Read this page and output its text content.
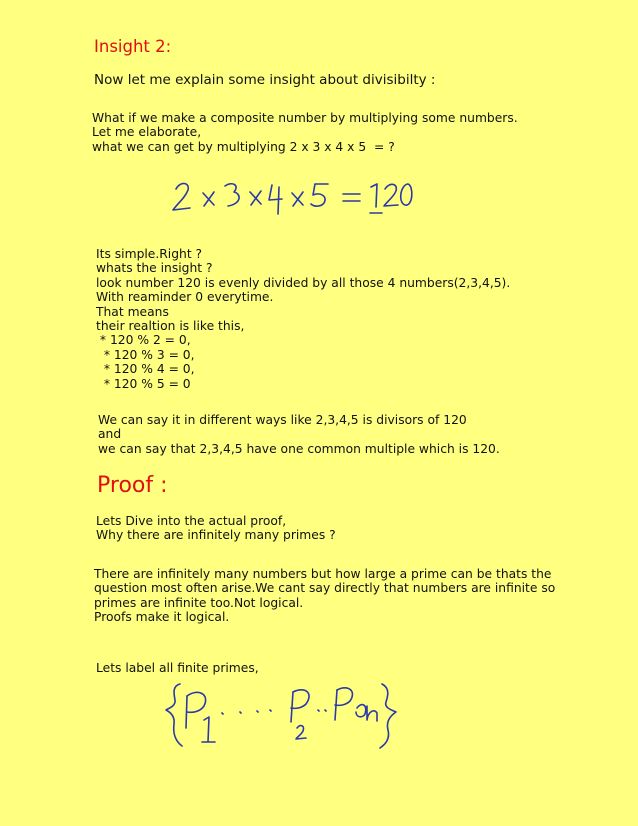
Insight 2:
Now let me explain some insight about divisibilty :
What if we make a composite number by multiplying some numbers.
Let me elaborate,
what we can get by multiplying 2 x 3 x 4 x 5  = ?
Its simple.Right ?
whats the insight ?
look number 120 is evenly divided by all those 4 numbers(2,3,4,5).
With reaminder 0 everytime.
That means
their realtion is like this,
* 120 % 2 = 0,
* 120 % 3 = 0,
* 120 % 4 = 0,
* 120 % 5 = 0
We can say it in different ways like 2,3,4,5 is divisors of 120
and
we can say that 2,3,4,5 have one common multiple which is 120.
Proof :
Lets Dive into the actual proof,
Why there are infinitely many primes ?
There are infinitely many numbers but how large a prime can be thats the
question most often arise.We cant say directly that numbers are infinite so
primes are infinite too.Not logical.
Proofs make it logical.
Lets label all finite primes,
